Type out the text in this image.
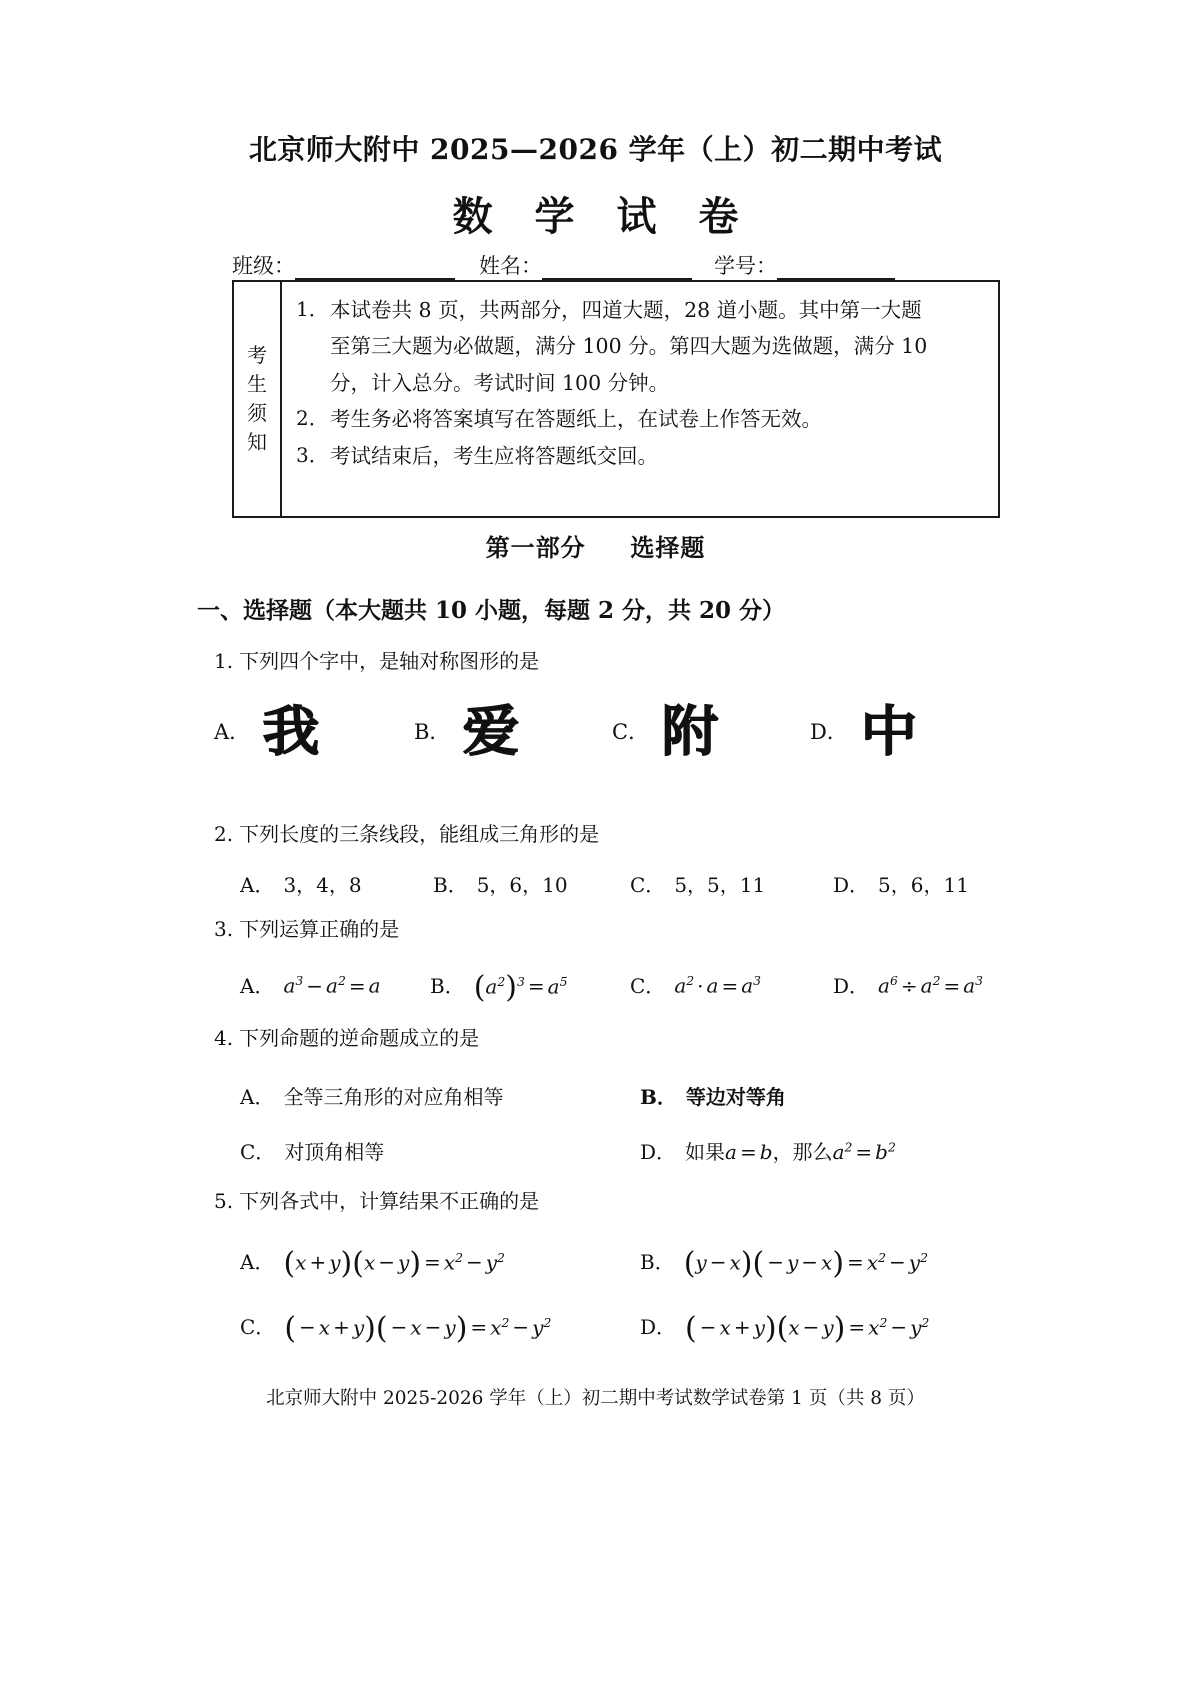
北京师大附中 2025—2026 学年（上）初二期中考试
数 学 试 卷
班级：	姓名：	学号：
考
生
须
知
1． 本试卷共 8 页，共两部分，四道大题，28 道小题。其中第一大题

至第三大题为必做题，满分 100 分。第四大题为选做题，满分 10

分，计入总分。考试时间 100 分钟。

2． 考生务必将答案填写在答题纸上，在试卷上作答无效。

3． 考试结束后，考生应将答题纸交回。

第一部分 选择题
一、选择题（本大题共 10 小题，每题 2 分，共 20 分）
1. 下列四个字中，是轴对称图形的是
A． 我	B． 爱	C． 附	D． 中
2. 下列长度的三条线段，能组成三角形的是
A． 3，4，8	B． 5，6，10	C． 5，5，11	D． 5，6，11
3. 下列运算正确的是
A． $a^3 - a^2 = a$ B． $(a^2)^3 = a^5$	C． $a^2 \cdot a = a^3$	D． $a^6 \div a^2 = a^3$
4. 下列命题的逆命题成立的是
A． 全等三角形的对应角相等	B． 等边对等角
C． 对顶角相等	D． 如果a = b，那么$a^2 = b^2$
5. 下列各式中，计算结果不正确的是
A． $(x + y)(x - y) = x^2 - y^2$	B． $(y - x)( - y - x) = x^2 - y^2$
C． ( − $x + y)( - x - y) = x^2 - y^2$	D． ( − $x + y)(x - y) = x^2 - y^2$
北京师大附中 2025-2026 学年（上）初二期中考试数学试卷第 1 页（共 8 页）
